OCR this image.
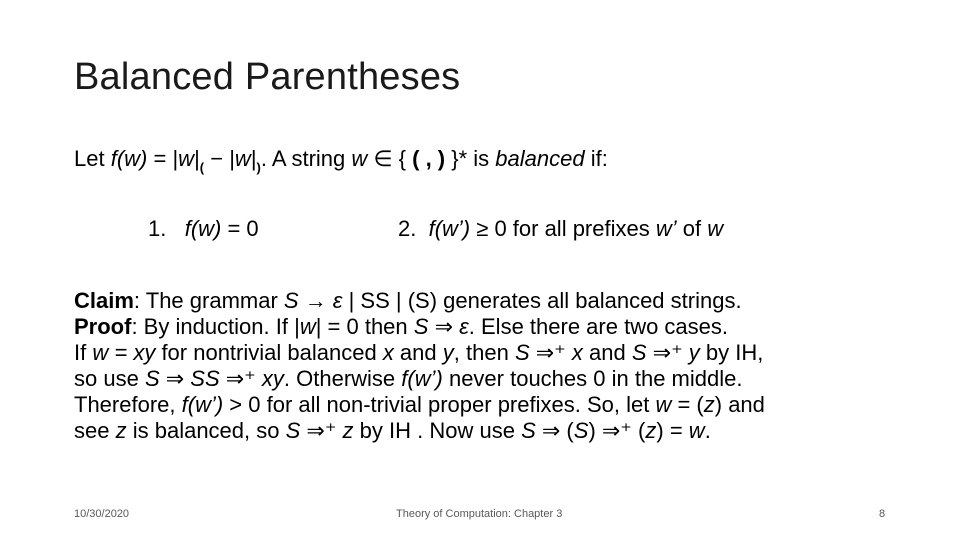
Balanced Parentheses
Let $f(w) = |w|_( - |w|_)$. A string w ∈ { ( , ) }* is balanced if:
1. f(w) = 0	2. f(w’) ≥ 0 for all prefixes w’ of w
Claim: The grammar S → ε | SS | (S) generates all balanced strings.
Proof: By induction. If |w| = 0 then S ⇒ ε. Else there are two cases.
If w = xy for nontrivial balanced x and y, then S ⇒⁺ x and S ⇒⁺ y by IH,
so use S ⇒ SS ⇒⁺ xy. Otherwise f(w’) never touches 0 in the middle.
Therefore, f(w’) > 0 for all non-trivial proper prefixes. So, let w = (z) and
see z is balanced, so S ⇒⁺ z by IH . Now use S ⇒ (S) ⇒⁺ (z) = w.
10/30/2020	Theory of Computation: Chapter 3	8
